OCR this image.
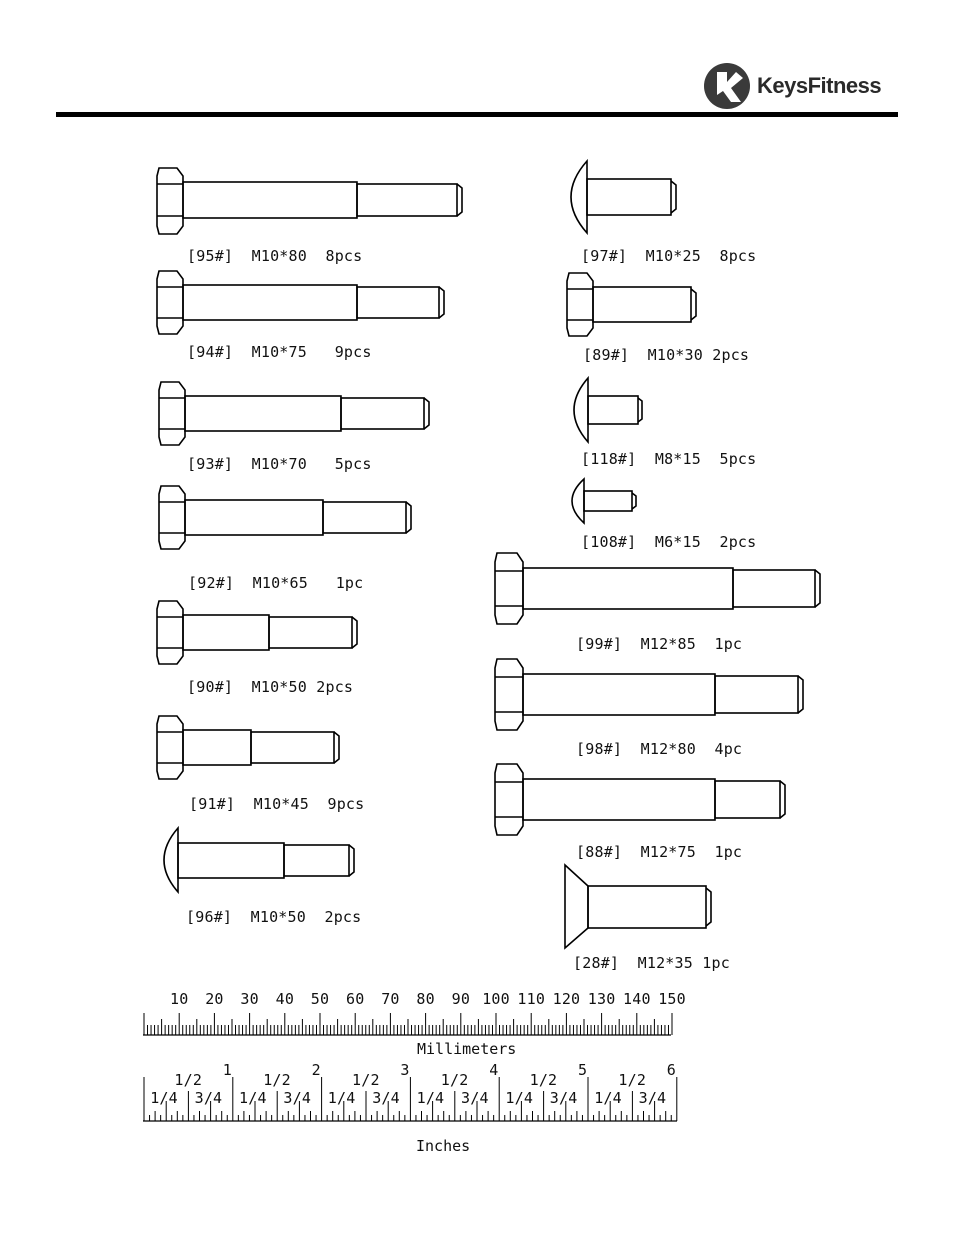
KeysFitness
[95#]  M10*80  8pcs
[94#]  M10*75   9pcs
[93#]  M10*70   5pcs
[92#]  M10*65   1pc
[90#]  M10*50 2pcs
[91#]  M10*45  9pcs
[96#]  M10*50  2pcs
[97#]  M10*25  8pcs
[89#]  M10*30 2pcs
[118#]  M8*15  5pcs
[108#]  M6*15  2pcs
[99#]  M12*85  1pc
[98#]  M12*80  4pc
[88#]  M12*75  1pc
[28#]  M12*35 1pc
10 20 30 40 50 60 70 80 90 100 110 120 130 140 150
Millimeters
1
1/2
1/4 3/4
2
1/2
1/4 3/4
3
1/2
1/4 3/4
4
1/2
1/4 3/4
5
1/2
1/4 3/4
6
1/2
1/4 3/4
Inches
